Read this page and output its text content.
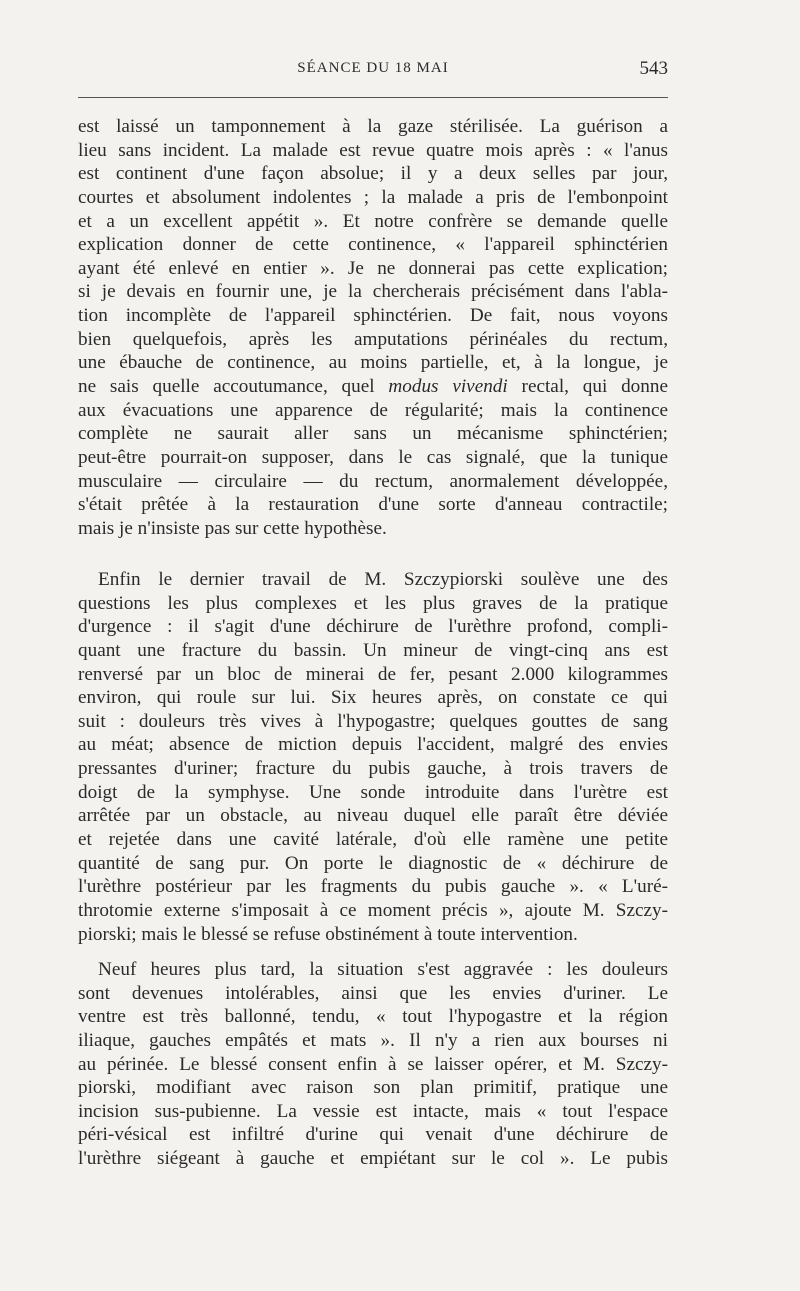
SÉANCE DU 18 MAI	543
est laissé un tamponnement à la gaze stérilisée. La guérison a
lieu sans incident. La malade est revue quatre mois après : « l'anus
est continent d'une façon absolue; il y a deux selles par jour,
courtes et absolument indolentes ; la malade a pris de l'embonpoint
et a un excellent appétit ». Et notre confrère se demande quelle
explication donner de cette continence, « l'appareil sphinctérien
ayant été enlevé en entier ». Je ne donnerai pas cette explication;
si je devais en fournir une, je la chercherais précisément dans l'abla-
tion incomplète de l'appareil sphinctérien. De fait, nous voyons
bien quelquefois, après les amputations périnéales du rectum,
une ébauche de continence, au moins partielle, et, à la longue, je
ne sais quelle accoutumance, quel modus vivendi rectal, qui donne
aux évacuations une apparence de régularité; mais la continence
complète ne saurait aller sans un mécanisme sphinctérien;
peut-être pourrait-on supposer, dans le cas signalé, que la tunique
musculaire — circulaire — du rectum, anormalement développée,
s'était prêtée à la restauration d'une sorte d'anneau contractile;
mais je n'insiste pas sur cette hypothèse.
Enfin le dernier travail de M. Szczypiorski soulève une des
questions les plus complexes et les plus graves de la pratique
d'urgence : il s'agit d'une déchirure de l'urèthre profond, compli-
quant une fracture du bassin. Un mineur de vingt-cinq ans est
renversé par un bloc de minerai de fer, pesant 2.000 kilogrammes
environ, qui roule sur lui. Six heures après, on constate ce qui
suit : douleurs très vives à l'hypogastre; quelques gouttes de sang
au méat; absence de miction depuis l'accident, malgré des envies
pressantes d'uriner; fracture du pubis gauche, à trois travers de
doigt de la symphyse. Une sonde introduite dans l'urètre est
arrêtée par un obstacle, au niveau duquel elle paraît être déviée
et rejetée dans une cavité latérale, d'où elle ramène une petite
quantité de sang pur. On porte le diagnostic de « déchirure de
l'urèthre postérieur par les fragments du pubis gauche ». « L'uré-
throtomie externe s'imposait à ce moment précis », ajoute M. Szczy-
piorski; mais le blessé se refuse obstinément à toute intervention.
Neuf heures plus tard, la situation s'est aggravée : les douleurs
sont devenues intolérables, ainsi que les envies d'uriner. Le
ventre est très ballonné, tendu, « tout l'hypogastre et la région
iliaque, gauches empâtés et mats ». Il n'y a rien aux bourses ni
au périnée. Le blessé consent enfin à se laisser opérer, et M. Szczy-
piorski, modifiant avec raison son plan primitif, pratique une
incision sus-pubienne. La vessie est intacte, mais « tout l'espace
péri-vésical est infiltré d'urine qui venait d'une déchirure de
l'urèthre siégeant à gauche et empiétant sur le col ». Le pubis
